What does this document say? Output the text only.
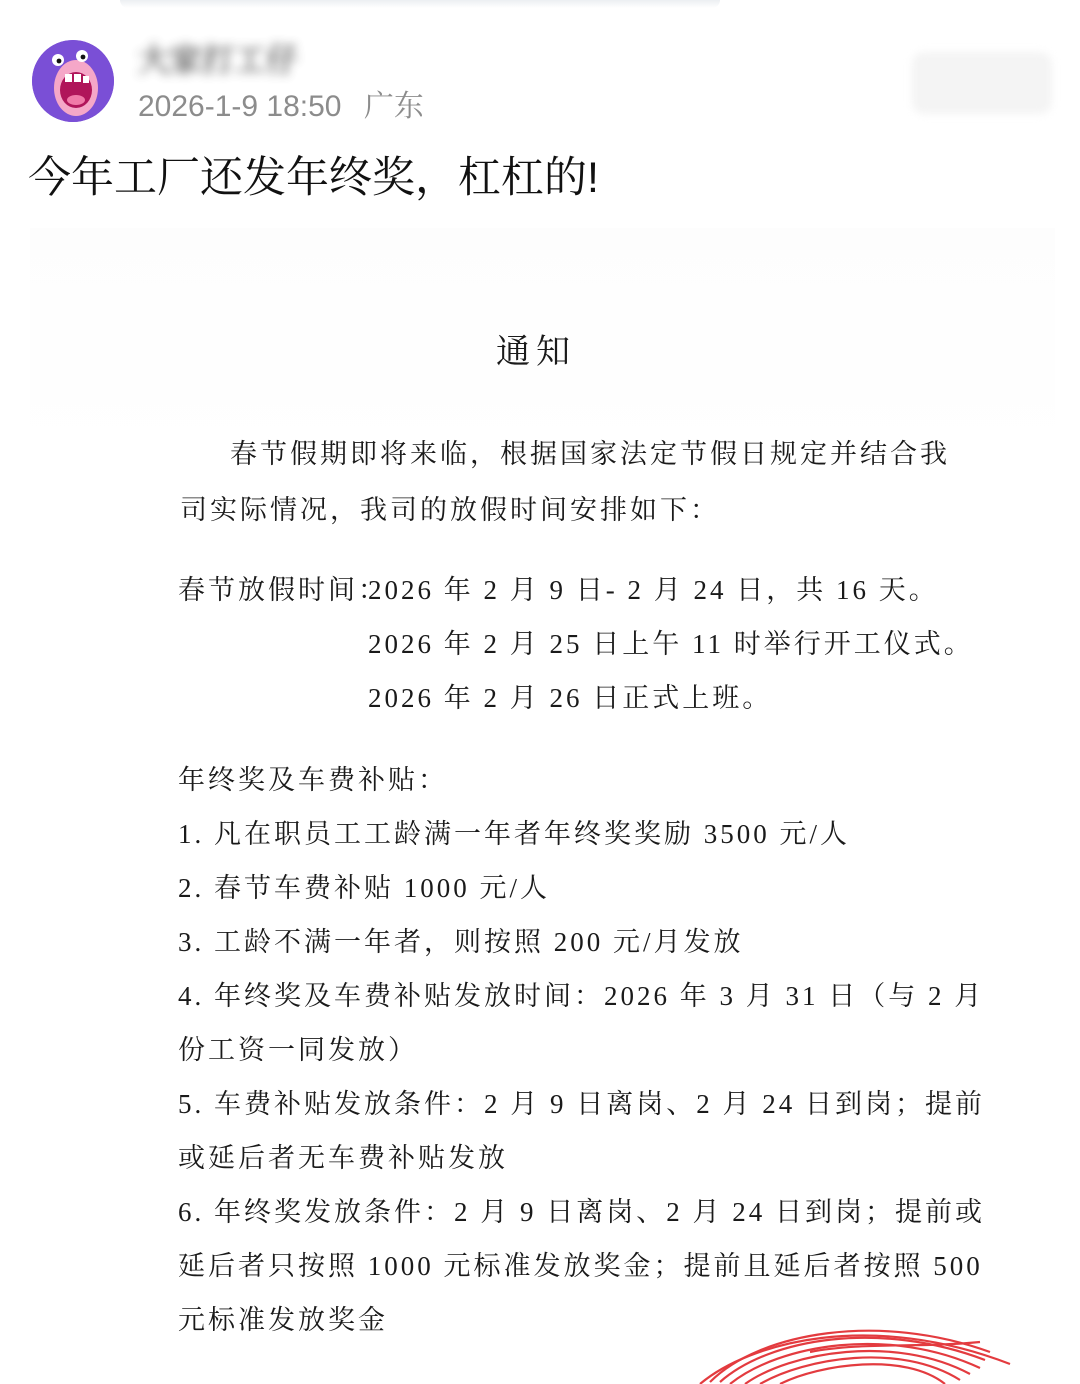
大家打工仔
2026-1-9 18:50 广东
今年工厂还发年终奖，杠杠的!
通知
春节假期即将来临，根据国家法定节假日规定并结合我
司实际情况，我司的放假时间安排如下：
春节放假时间：
2026 年 2 月 9 日- 2 月 24 日，共 16 天。
2026 年 2 月 25 日上午 11 时举行开工仪式。
2026 年 2 月 26 日正式上班。
年终奖及车费补贴：
1. 凡在职员工工龄满一年者年终奖奖励 3500 元/人
2. 春节车费补贴 1000 元/人
3. 工龄不满一年者，则按照 200 元/月发放
4. 年终奖及车费补贴发放时间：2026 年 3 月 31 日（与 2 月
份工资一同发放）
5. 车费补贴发放条件：2 月 9 日离岗、2 月 24 日到岗；提前
或延后者无车费补贴发放
6. 年终奖发放条件：2 月 9 日离岗、2 月 24 日到岗；提前或
延后者只按照 1000 元标准发放奖金；提前且延后者按照 500
元标准发放奖金
